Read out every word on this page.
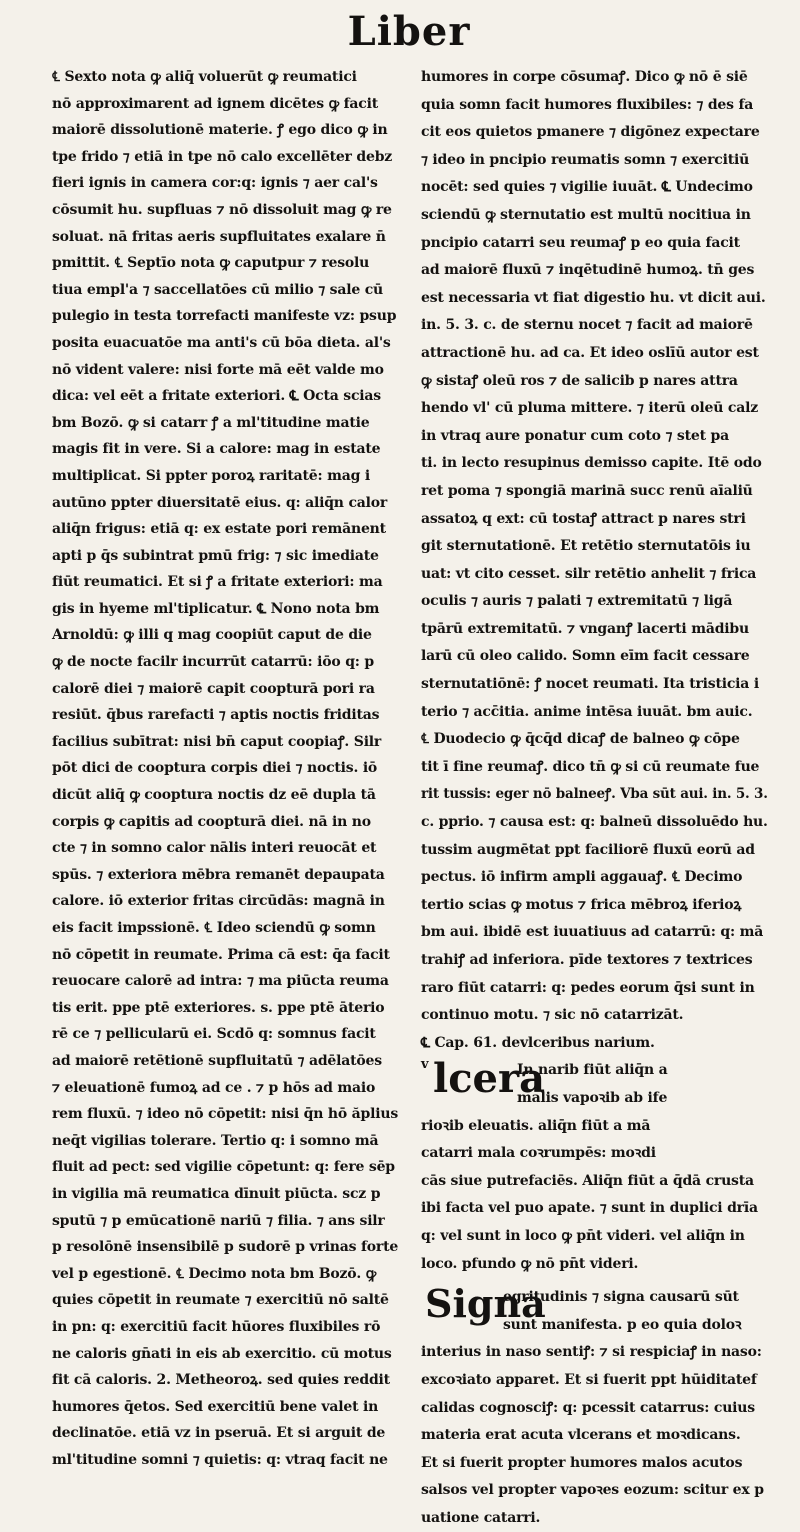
Liber
℄ Sexto nota ꝙ aliq̄ voluerūt ꝙ reumatici
nō approximarent ad ignem dicētes ꝙ facit
maiorē dissolutionē materie. ꝭ ego dico ꝙ in
tpe frido ⁊ etiā in tpe nō calo excellēter debz
fieri ignis in camera cor:q: ignis ⁊ aer cal's
cōsumit hu. supfluas ⁊ nō dissoluit mag ꝙ re
soluat. nā fritas aeris supfluitates exalare n̄
pmittit. ℄ Septīo nota ꝙ caputpur ⁊ resolu
tiua empl'a ⁊ saccellatōes cū milio ⁊ sale cū
pulegio in testa torrefacti manifeste vz: psup
posita euacuatōe ma anti's cū bōa dieta. al's
nō vident valere: nisi forte mā eēt valde mo
dica: vel eēt a fritate exteriori. ℄ Octa scias
bm Bozō. ꝙ si catarr ꝭ a ml'titudine matie
magis fit in vere. Si a calore: mag in estate
multiplicat. Si ppter poroꝝ raritatē: mag i
autūno ppter diuersitatē eius. q: aliq̄n calor
aliq̄n frigus: etiā q: ex estate pori remānent
apti p q̄s subintrat pmū frig: ⁊ sic imediate
fiūt reumatici. Et si ꝭ a fritate exteriori: ma
gis in hyeme ml'tiplicatur. ℄ Nono nota bm
Arnoldū: ꝙ illi q mag coopiūt caput de die
ꝙ de nocte facilr incurrūt catarrū: iōo q: p
calorē diei ⁊ maiorē capit coopturā pori ra
resiūt. q̄bus rarefacti ⁊ aptis noctis friditas
facilius subītrat: nisi bn̄ caput coopiaꝭ. Silr
pōt dici de cooptura corpis diei ⁊ noctis. iō
dicūt aliq̄ ꝙ cooptura noctis dz eē dupla tā
corpis ꝙ capitis ad coopturā diei. nā in no
cte ⁊ in somno calor nālis interi reuocāt et
spūs. ⁊ exteriora mēbra remanēt depaupata
calore. iō exterior fritas circūdās: magnā in
eis facit impssionē. ℄ Ideo sciendū ꝙ somn
nō cōpetit in reumate. Prima cā est: q̄a facit
reuocare calorē ad intra: ⁊ ma piūcta reuma
tis erit. ppe ptē exteriores. s. ppe ptē āterio
rē ce ⁊ pellicularū ei. Scdō q: somnus facit
ad maiorē retētionē supfluitatū ⁊ adēlatōes
⁊ eleuationē fumoꝝ ad ce . ⁊ p hōs ad maio
rem fluxū. ⁊ ideo nō cōpetit: nisi q̄n hō ăplius
neq̄t vigilias tolerare. Tertio q: i somno mā
fluit ad pect: sed vigilie cōpetunt: q: fere sēp
in vigilia mā reumatica dīnuit piūcta. scz p
sputū ⁊ p emūcationē nariū ⁊ filia. ⁊ ans silr
p resolōnē insensibilē p sudorē p vrinas forte
vel p egestionē. ℄ Decimo nota bm Bozō. ꝙ
quies cōpetit in reumate ⁊ exercitiū nō saltē
in pn: q: exercitiū facit hūores fluxibiles rō
ne caloris gn̄ati in eis ab exercitio. cū motus
fit cā caloris. 2. Metheoroꝝ. sed quies reddit
humores q̄etos. Sed exercitiū bene valet in
declinatōe. etiā vz in pseruā. Et si arguit de
ml'titudine somni ⁊ quietis: q: vtraq facit ne
humores in corpe cōsumaꝭ. Dico ꝙ nō ē siē
quia somn facit humores fluxibiles: ⁊ des fa
cit eos quietos pmanere ⁊ digōnez expectare
⁊ ideo in pncipio reumatis somn ⁊ exercitiū
nocēt: sed quies ⁊ vigilie iuuāt. ℄ Undecimo
sciendū ꝙ sternutatio est multū nocitiua in
pncipio catarri seu reumaꝭ p eo quia facit
ad maiorē fluxū ⁊ inqētudinē humoꝝ. tn̄ ges
est necessaria vt fiat digestio hu. vt dicit aui.
in. 5. 3. c. de sternu nocet ⁊ facit ad maiorē
attractionē hu. ad ca. Et ideo oslīū autor est
ꝙ sistaꝭ oleū ros ⁊ de salicib p nares attra
hendo vl' cū pluma mittere. ⁊ iterū oleū calz
in vtraq aure ponatur cum coto ⁊ stet pa
ti. in lecto resupinus demisso capite. Itē odo
ret poma ⁊ spongiā marinā succ renū aīaliū
assatoꝝ q ext: cū tostaꝭ attract p nares stri
git sternutationē. Et retētio sternutatōis iu
uat: vt cito cesset. silr retētio anhelit ⁊ frica
oculis ⁊ auris ⁊ palati ⁊ extremitatū ⁊ ligā
tpārū extremitatū. ⁊ vnganꝭ lacerti mādibu
larū cū oleo calido. Somn eīm facit cessare
sternutatiōnē: ꝭ nocet reumati. Ita tristicia i
terio ⁊ acc̄itia. anime intēsa iuuāt. bm auic.
℄ Duodecio ꝙ q̄cq̄d dicaꝭ de balneo ꝙ cōpe
tit ī fine reumaꝭ. dico tn̄ ꝙ si cū reumate fue
rit tussis: eger nō balneeꝭ. Vba sūt aui. in. 5. 3.
c. pprio. ⁊ causa est: q: balneū dissoluēdo hu.
tussim augmētat ppt faciliorē fluxū eorū ad
pectus. iō infirm ampli aggauaꝭ. ℄ Decimo
tertio scias ꝙ motus ⁊ frica mēbroꝝ iferioꝝ
bm aui. ibidē est iuuatiuus ad catarrū: q: mā
trahiꝭ ad inferiora. pīde textores ⁊ textrices
raro fiūt catarri: q: pedes eorum q̄si sunt in
continuo motu. ⁊ sic nō catarrizāt.
℄ Cap. 61. devlceribus narium.
v lcera
In narib fiūt aliq̄n a
malis vapoꝛib ab ife
rioꝛib eleuatis. aliq̄n fiūt a mā
catarri mala coꝛrumpēs: moꝛdi
cās siue putrefaciēs. Aliq̄n fiūt a q̄dā crusta
ibi facta vel puo apate. ⁊ sunt in duplici drīa
q: vel sunt in loco ꝙ pn̄t videri. vel aliq̄n in
loco. pfundo ꝙ nō pn̄t videri.
Signa
egritudinis ⁊ signa causarū sūt
sunt manifesta. p eo quia doloꝛ
interius in naso sentiꝭ: ⁊ si respiciaꝭ in naso:
excoꝛiato apparet. Et si fuerit ppt hūiditatef
calidas cognosciꝭ: q: pcessit catarrus: cuius
materia erat acuta vlcerans et moꝛdicans.
Et si fuerit propter humores malos acutos
salsos vel propter vapoꝛes eozum: scitur ex p
uatione catarri.
